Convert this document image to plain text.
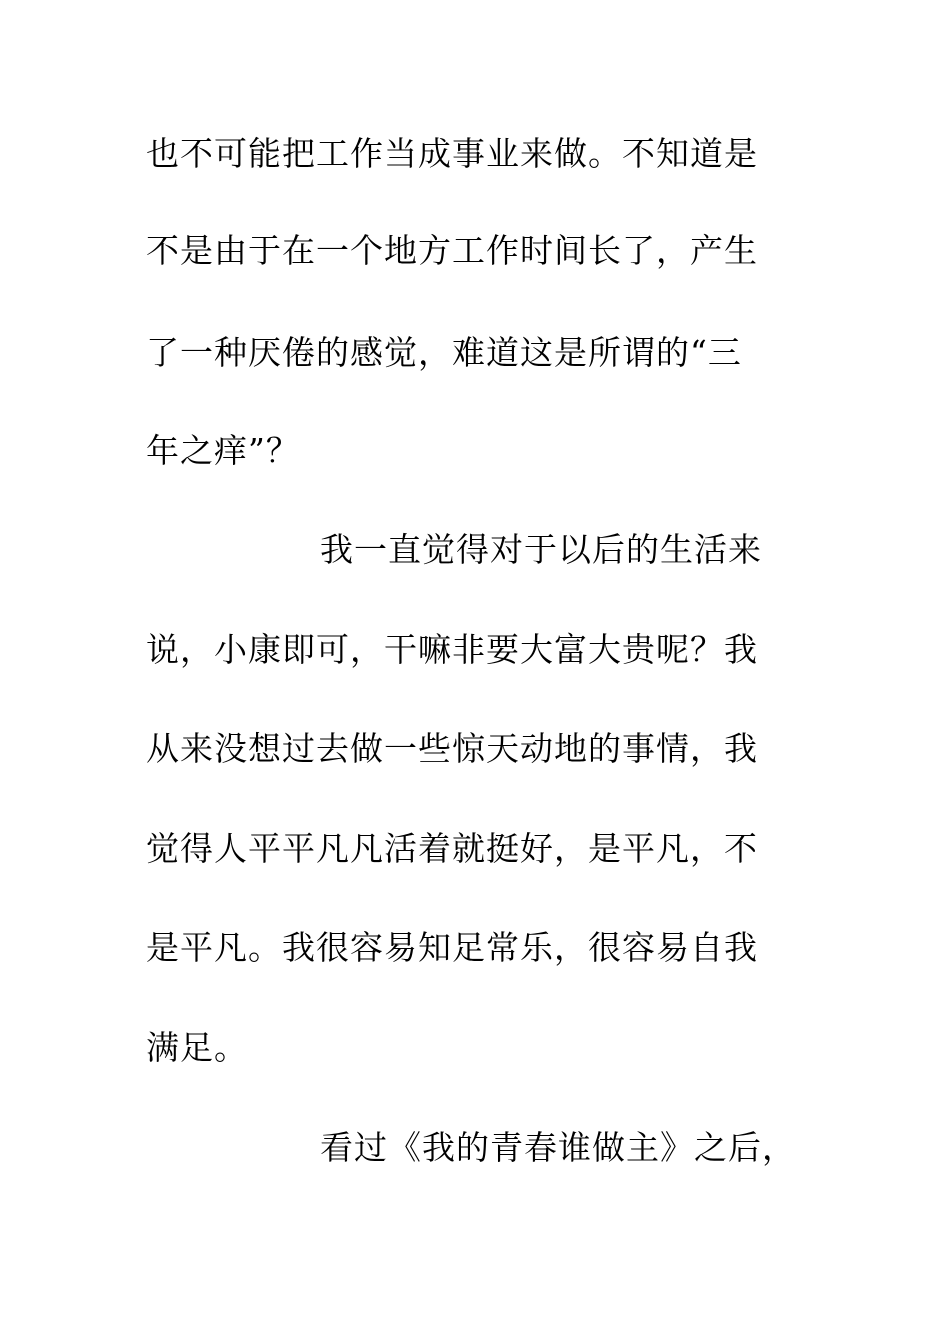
也不可能把工作当成事业来做。不知道是
不是由于在一个地方工作时间长了，产生
了一种厌倦的感觉，难道这是所谓的“三
年之痒”？
我一直觉得对于以后的生活来
说，小康即可，干嘛非要大富大贵呢？我
从来没想过去做一些惊天动地的事情，我
觉得人平平凡凡活着就挺好，是平凡，不
是平凡。我很容易知足常乐，很容易自我
满足。
看过《我的青春谁做主》之后，
